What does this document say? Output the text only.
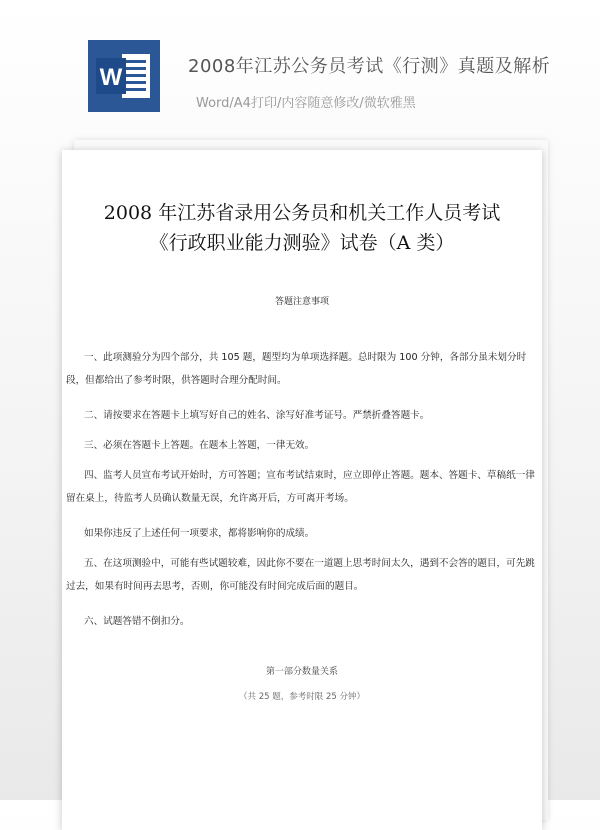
W	2008年江苏公务员考试《行测》真题及解析
Word/A4打印/内容随意修改/微软雅黑
2008 年江苏省录用公务员和机关工作人员考试
《行政职业能力测验》试卷（A 类）
答题注意事项
一、此项测验分为四个部分，共 105 题，题型均为单项选择题。总时限为 100 分钟，各部分虽未划分时段，但都给出了参考时限，供答题时合理分配时间。
二、请按要求在答题卡上填写好自己的姓名、涂写好准考证号。严禁折叠答题卡。
三、必须在答题卡上答题。在题本上答题，一律无效。
四、监考人员宣布考试开始时，方可答题；宣布考试结束时，应立即停止答题。题本、答题卡、草稿纸一律留在桌上，待监考人员确认数量无误，允许离开后，方可离开考场。
如果你违反了上述任何一项要求，都将影响你的成绩。
五、在这项测验中，可能有些试题较难，因此你不要在一道题上思考时间太久，遇到不会答的题目，可先跳过去，如果有时间再去思考，否则，你可能没有时间完成后面的题目。
六、试题答错不倒扣分。
第一部分数量关系
（共 25 题，参考时限 25 分钟）
